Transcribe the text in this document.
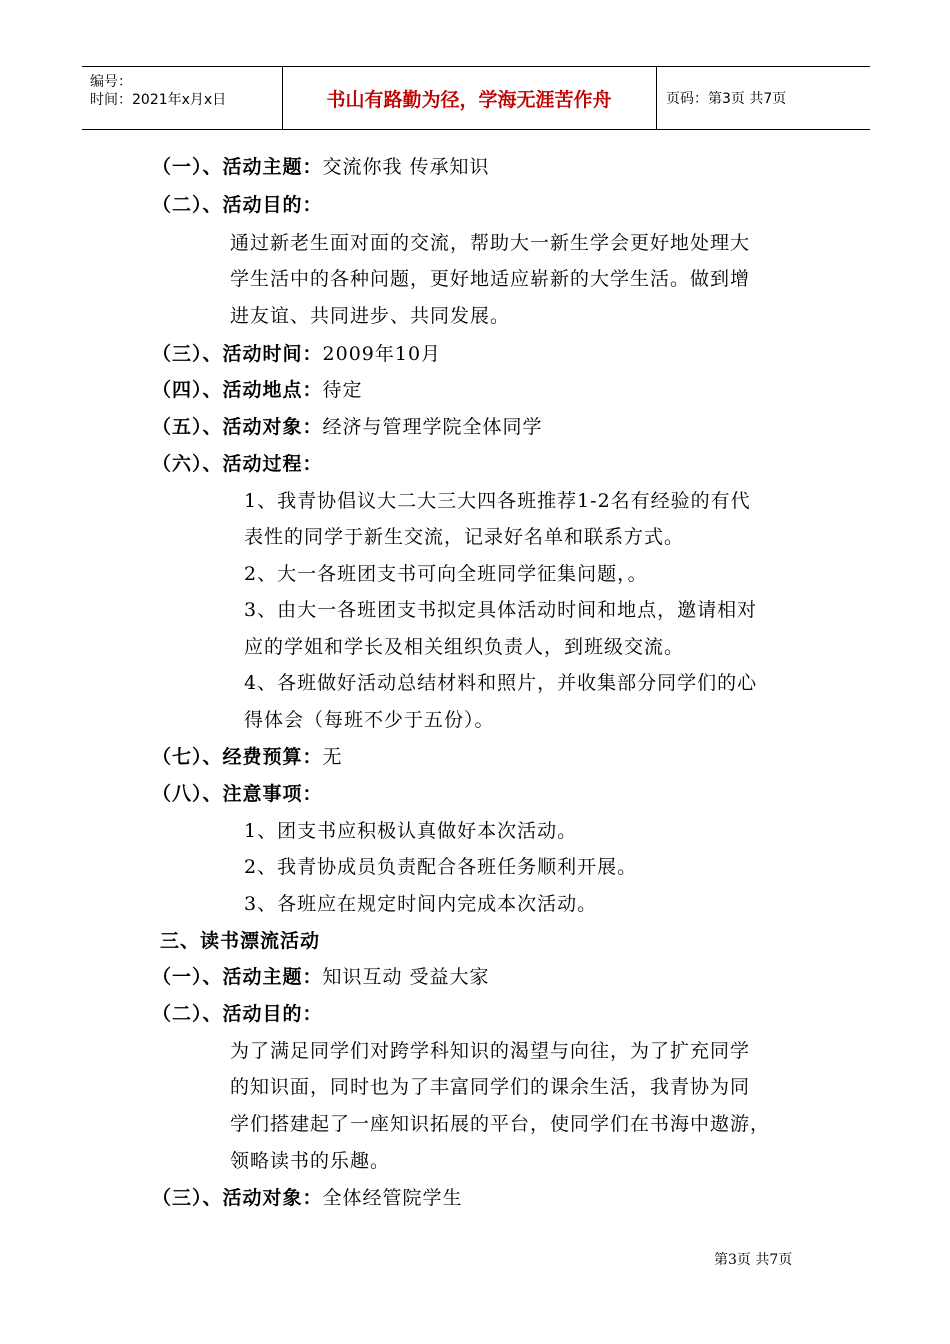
编号：
时间：2021年x月x日	书山有路勤为径，学海无涯苦作舟	页码：第3页 共7页
（一）、活动主题：交流你我 传承知识
（二）、活动目的：
通过新老生面对面的交流，帮助大一新生学会更好地处理大
学生活中的各种问题，更好地适应崭新的大学生活。做到增
进友谊、共同进步、共同发展。
（三）、活动时间：2009年10月
（四）、活动地点：待定
（五）、活动对象：经济与管理学院全体同学
（六）、活动过程：
1、我青协倡议大二大三大四各班推荐1-2名有经验的有代
表性的同学于新生交流，记录好名单和联系方式。
2、大一各班团支书可向全班同学征集问题，。
3、由大一各班团支书拟定具体活动时间和地点，邀请相对
应的学姐和学长及相关组织负责人，到班级交流。
4、各班做好活动总结材料和照片，并收集部分同学们的心
得体会（每班不少于五份）。
（七）、经费预算：无
（八）、注意事项：
1、团支书应积极认真做好本次活动。
2、我青协成员负责配合各班任务顺利开展。
3、各班应在规定时间内完成本次活动。
三、读书漂流活动
（一）、活动主题：知识互动 受益大家
（二）、活动目的：
为了满足同学们对跨学科知识的渴望与向往，为了扩充同学
的知识面，同时也为了丰富同学们的课余生活，我青协为同
学们搭建起了一座知识拓展的平台，使同学们在书海中遨游，
领略读书的乐趣。
（三）、活动对象：全体经管院学生
第3页 共7页
